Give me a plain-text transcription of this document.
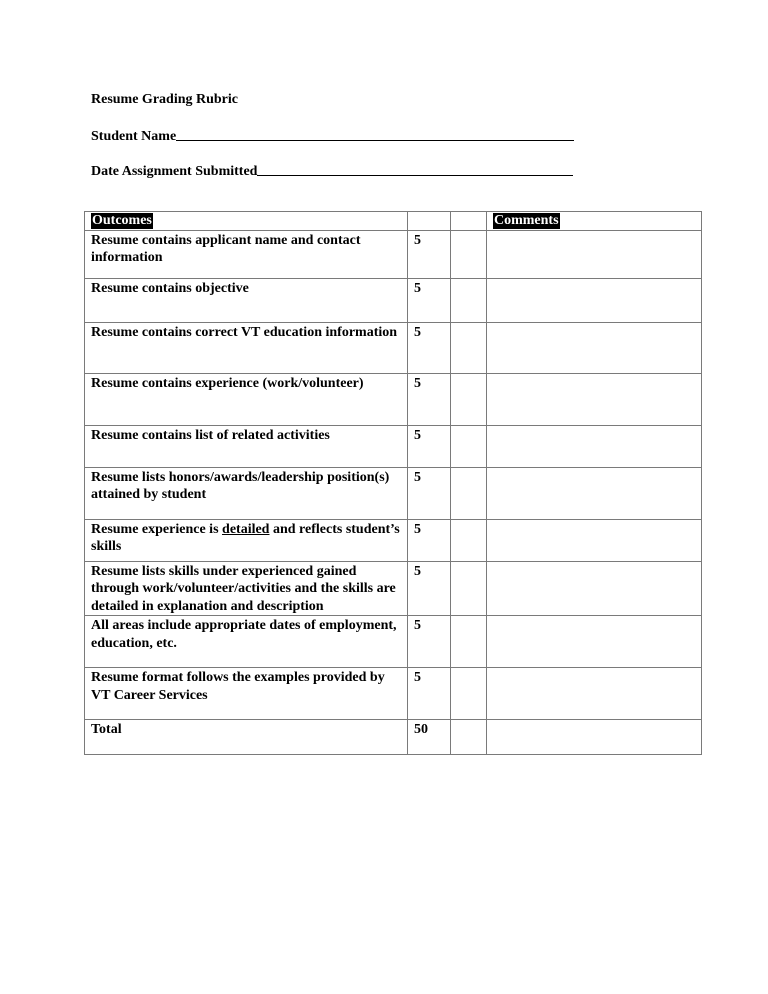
Resume Grading Rubric
Student Name
Date Assignment Submitted
Outcomes			Comments
Resume contains applicant name and contact information	5		
Resume contains objective	5		
Resume contains correct VT education information	5		
Resume contains experience (work/volunteer)	5		
Resume contains list of related activities	5		
Resume lists honors/awards/leadership position(s) attained by student	5		
Resume experience is detailed and reflects student’s skills	5		
Resume lists skills under experienced gained through work/volunteer/activities and the skills are detailed in explanation and description	5		
All areas include appropriate dates of employment, education, etc.	5		
Resume format follows the examples provided by VT Career Services	5		
Total	50		
